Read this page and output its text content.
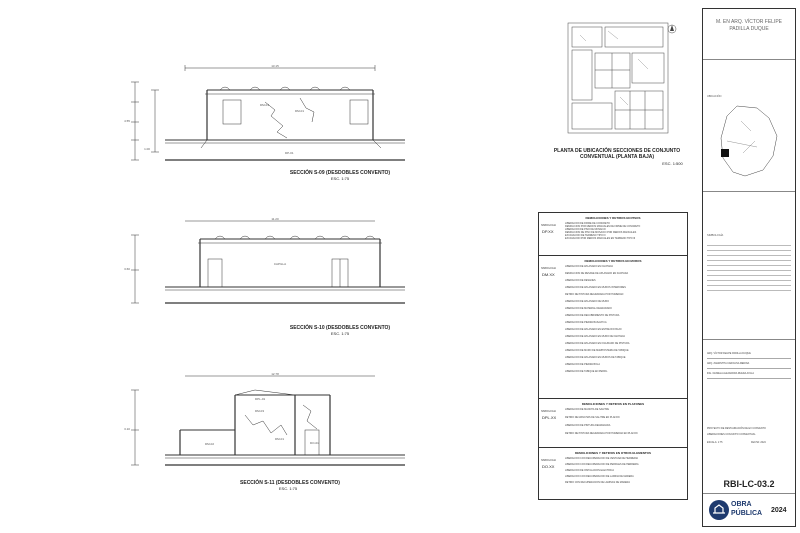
13.15
4.55
1.00
DM-03
DM-01
DP-01
SECCIÓN S-09 (DESDOBLES CONVENTO)
ESC. 1:75
11.20
3.60
CAPILLA
SECCIÓN S-10 (DESDOBLES CONVENTO)
ESC. 1:75
12.78
3.10
DM-03
DM-01
DM-02
DPL-01
DO-01
SECCIÓN S-11 (DESDOBLES CONVENTO)
ESC. 1:75
PLANTA DE UBICACIÓN SECCIONES DE CONJUNTO CONVENTUAL (PLANTA BAJA)
ESC. 1:500
DEMOLICIONES Y RETIROS EN PISOS
SIMBOLOGIA
DP.XX
LIBERACION DE FIRME DE CONCRETO
DEMOLICION POR MEDIOS MANUALES DE FIRME DE CONCRETO
LIBERACION DE PISO DE MOSAICO
DEMOLICION DE PISO DE MOSAICO POR MEDIOS MANUALES
EXCAVACION DE TERRENO TIPO III
EXCAVACION POR MEDIOS MANUALES EN TERRENO TIPO III
DEMOLICIONES Y RETIROS EN MUROS
SIMBOLOGIA
DM.XX
LIBERACION DE APLANADO EN FACHADA
DEMOLICION DE RESANE DE APLANADO EN FACHADA
LIBERACION DE RESANES
LIBERACION DE APLANADO EN MUROS INTERIORES
RETIRO DE PINTURA DEGRADADA POR HUMEDAD
LIBERACION DE APLANADO DE MURO
LIBERACION DE MATERIAL DEGRADADO
LIBERACION DE RECUBRIMIENTO DE PINTURA
LIBERACION DE PIEDRA BASALTICA
LIBERACION DE APLANADO EN ENTRE RIO BAJO
LIBERACION DE APLANADO EN MURO DE FACHADA
LIBERACION DE APLANADO EN FIGURADO DE PINTURA
LIBERACION DE MURO DE MAMPOSTERIA DE TABIQUE
LIBERACION DE APLANADO EN MUROS DE TABIQUE
LIBERACION DE PIEDRA BOLA
LIBERACION DE TABIQUE EN PERFIL
DEMOLICIONES Y RETIROS EN PLAFONES
SIMBOLOGIA
DPL.XX
LIBERACION DE MANCHA DE SALITRE
RETIRO DE MANCHAS DE SALITRE EN PLAFON
LIBERACION DE PINTURA DEGRADADA
RETIRO DE PINTURA DEGRADADA POR HUMEDAD EN PLAFON
DEMOLICIONES Y RETIROS EN OTROS ELEMENTOS
SIMBOLOGIA
DO.XX
LIBERACION CON RECUPERACION DE VENTANA DE HERRERIA
LIBERACION CON RECUPERACION DE PERFILES DE HERRERIA
LIBERACION DE INSTALACION ELECTRICA
LIBERACION CON RECUPERACION DE LAMINA DE MADERA
RETIRO CON RECUPERACION DE LAMINAS DE MADERA
M. EN ARQ. VÍCTOR FELIPE PADILLA DUQUE
UBICACIÓN
SIMBOLOGÍA
ARQ. VÍCTOR FELIPE PADILLA DUQUE
ARQ. ZAMANTHA CAROLINA MEDINA
ING. DANIELA ALEJANDRA RUEDA AYALA
PROYECTO DE RESTAURACIÓN DE EX CONVENTO
LIBERACIONES CONJUNTO CONVENTUAL
ESCALA: 1:75	FECHA: 2024
RBI-LC-03.2
OBRA
PÚBLICA 2024
